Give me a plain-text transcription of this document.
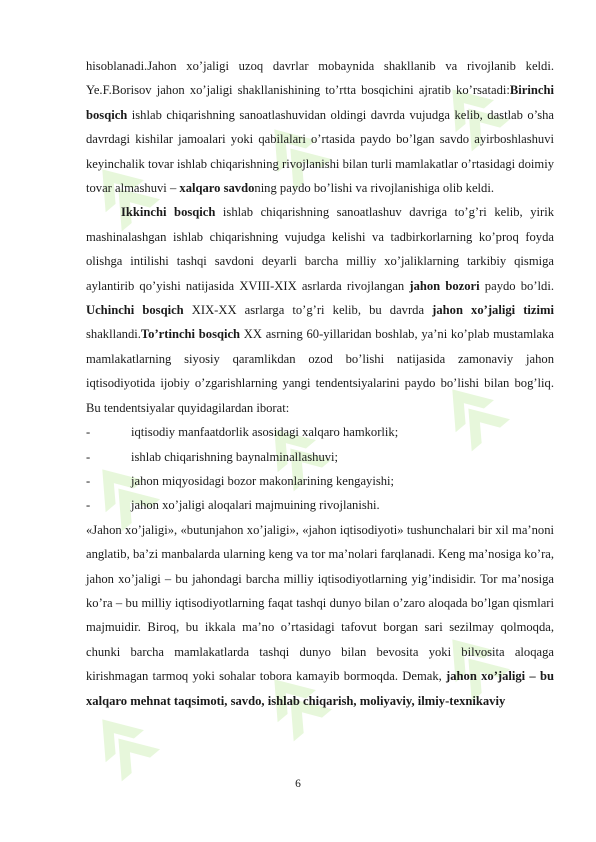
hisoblanadi.Jahon xo’jaligi uzoq davrlar mobaynida shakllanib va rivojlanib keldi. Ye.F.Borisov jahon xo’jaligi shakllanishining to’rtta bosqichini ajratib ko’rsatadi:Birinchi bosqich ishlab chiqarishning sanoatlashuvidan oldingi davrda vujudga kelib, dastlab o’sha davrdagi kishilar jamoalari yoki qabilalari o’rtasida paydo bo’lgan savdo ayirboshlashuvi keyinchalik tovar ishlab chiqarishning rivojlanishi bilan turli mamlakatlar o’rtasidagi doimiy tovar almashuvi – xalqaro savdoning paydo bo’lishi va rivojlanishiga olib keldi.

Ikkinchi bosqich ishlab chiqarishning sanoatlashuv davriga to’g’ri kelib, yirik mashinalashgan ishlab chiqarishning vujudga kelishi va tadbirkorlarning ko’proq foyda olishga intilishi tashqi savdoni deyarli barcha milliy xo’jaliklarning tarkibiy qismiga aylantirib qo’yishi natijasida XVIII-XIX asrlarda rivojlangan jahon bozori paydo bo’ldi. Uchinchi bosqich XIX-XX asrlarga to’g’ri kelib, bu davrda jahon xo’jaligi tizimi shakllandi.To’rtinchi bosqich XX asrning 60-yillaridan boshlab, ya’ni ko’plab mustamlaka mamlakatlarning siyosiy qaramlikdan ozod bo’lishi natijasida zamonaviy jahon iqtisodiyotida ijobiy o’zgarishlarning yangi tendentsiyalarini paydo bo’lishi bilan bog’liq. Bu tendentsiyalar quyidagilardan iborat:

-	iqtisodiy manfaatdorlik asosidagi xalqaro hamkorlik;
-	ishlab chiqarishning baynalminallashuvi;
-	jahon miqyosidagi bozor makonlarining kengayishi;
-	jahon xo’jaligi aloqalari majmuining rivojlanishi.

«Jahon xo’jaligi», «butunjahon xo’jaligi», «jahon iqtisodiyoti» tushunchalari bir xil ma’noni anglatib, ba’zi manbalarda ularning keng va tor ma’nolari farqlanadi. Keng ma’nosiga ko’ra, jahon xo’jaligi – bu jahondagi barcha milliy iqtisodiyotlarning yig’indisidir. Tor ma’nosiga ko’ra – bu milliy iqtisodiyotlarning faqat tashqi dunyo bilan o’zaro aloqada bo’lgan qismlari majmuidir. Biroq, bu ikkala ma’no o’rtasidagi tafovut borgan sari sezilmay qolmoqda, chunki barcha mamlakatlarda tashqi dunyo bilan bevosita yoki bilvosita aloqaga kirishmagan tarmoq yoki sohalar tobora kamayib bormoqda. Demak, jahon xo’jaligi – bu xalqaro mehnat taqsimoti, savdo, ishlab chiqarish, moliyaviy, ilmiy-texnikaviy

6
